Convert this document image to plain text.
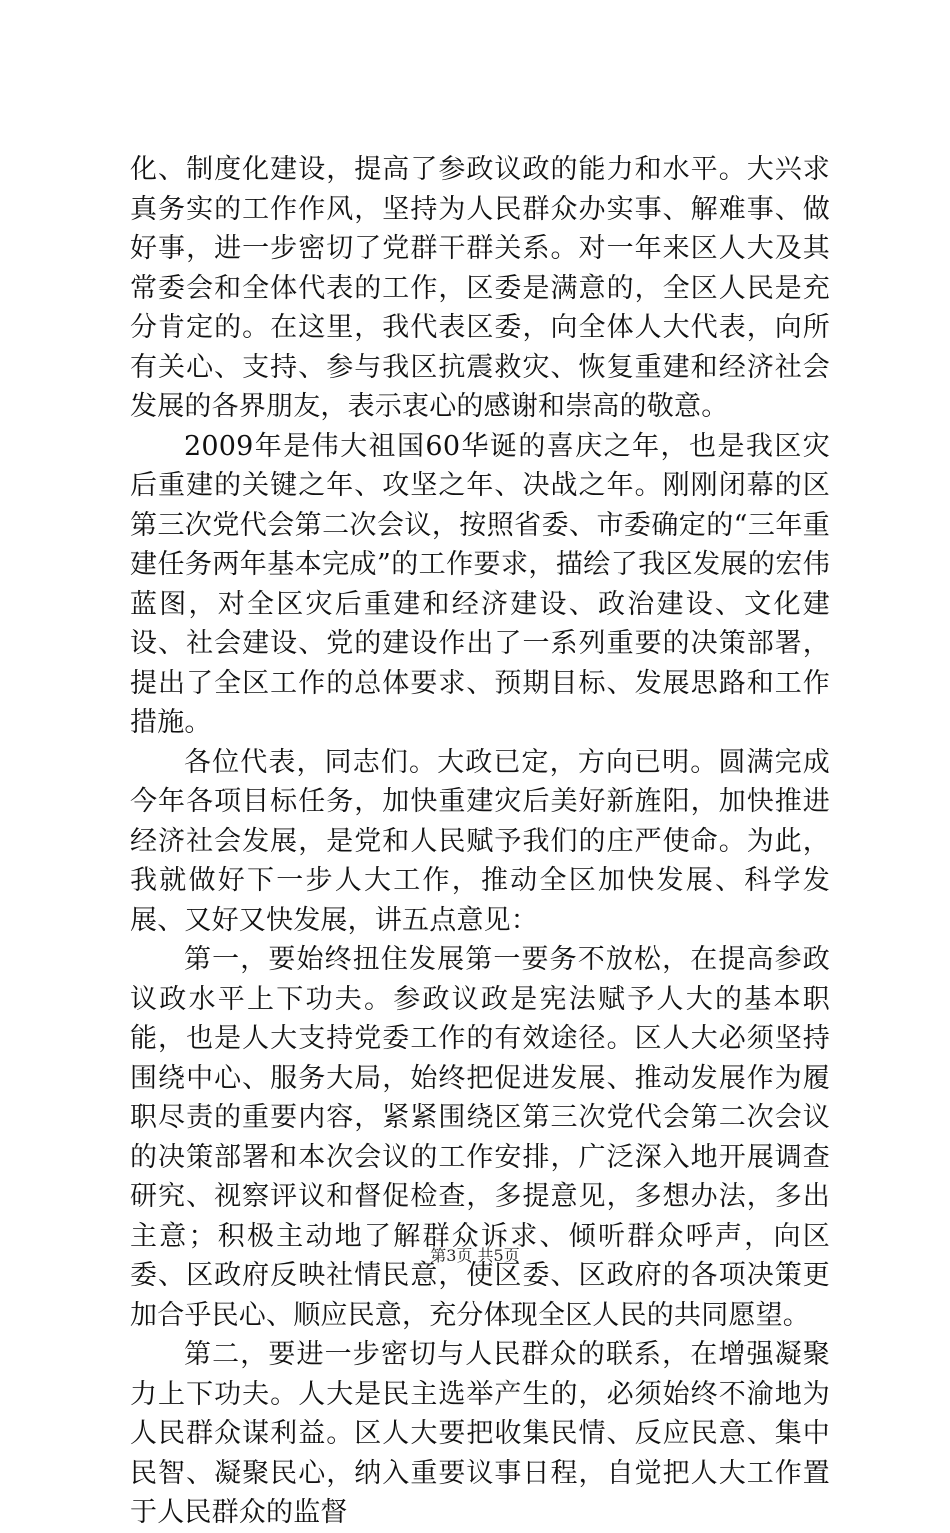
化、制度化建设，提高了参政议政的能力和水平。大兴求真务实的工作作风，坚持为人民群众办实事、解难事、做好事，进一步密切了党群干群关系。对一年来区人大及其常委会和全体代表的工作，区委是满意的，全区人民是充分肯定的。在这里，我代表区委，向全体人大代表，向所有关心、支持、参与我区抗震救灾、恢复重建和经济社会发展的各界朋友，表示衷心的感谢和崇高的敬意。

2009年是伟大祖国60华诞的喜庆之年，也是我区灾后重建的关键之年、攻坚之年、决战之年。刚刚闭幕的区第三次党代会第二次会议，按照省委、市委确定的“三年重建任务两年基本完成”的工作要求，描绘了我区发展的宏伟蓝图，对全区灾后重建和经济建设、政治建设、文化建设、社会建设、党的建设作出了一系列重要的决策部署，提出了全区工作的总体要求、预期目标、发展思路和工作措施。

各位代表，同志们。大政已定，方向已明。圆满完成今年各项目标任务，加快重建灾后美好新旌阳，加快推进经济社会发展，是党和人民赋予我们的庄严使命。为此，我就做好下一步人大工作，推动全区加快发展、科学发展、又好又快发展，讲五点意见：

第一，要始终扭住发展第一要务不放松，在提高参政议政水平上下功夫。参政议政是宪法赋予人大的基本职能，也是人大支持党委工作的有效途径。区人大必须坚持围绕中心、服务大局，始终把促进发展、推动发展作为履职尽责的重要内容，紧紧围绕区第三次党代会第二次会议的决策部署和本次会议的工作安排，广泛深入地开展调查研究、视察评议和督促检查，多提意见，多想办法，多出主意；积极主动地了解群众诉求、倾听群众呼声，向区委、区政府反映社情民意，使区委、区政府的各项决策更加合乎民心、顺应民意，充分体现全区人民的共同愿望。

第二，要进一步密切与人民群众的联系，在增强凝聚力上下功夫。人大是民主选举产生的，必须始终不渝地为人民群众谋利益。区人大要把收集民情、反应民意、集中民智、凝聚民心，纳入重要议事日程，自觉把人大工作置于人民群众的监督

第3页 共5页
